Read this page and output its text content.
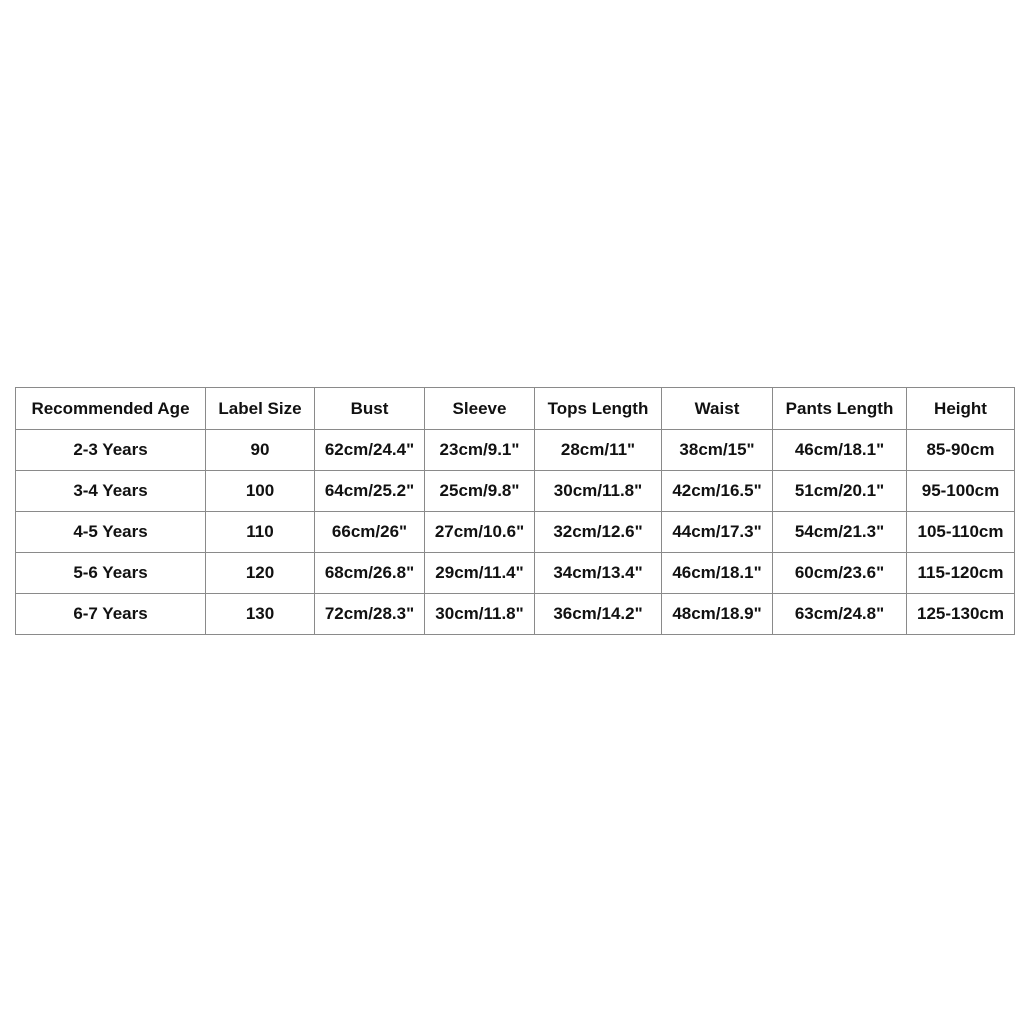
Recommended Age	Label Size	Bust	Sleeve	Tops Length	Waist	Pants Length	Height
2-3 Years	90	62cm/24.4"	23cm/9.1"	28cm/11"	38cm/15"	46cm/18.1"	85-90cm
3-4 Years	100	64cm/25.2"	25cm/9.8"	30cm/11.8"	42cm/16.5"	51cm/20.1"	95-100cm
4-5 Years	110	66cm/26"	27cm/10.6"	32cm/12.6"	44cm/17.3"	54cm/21.3"	105-110cm
5-6 Years	120	68cm/26.8"	29cm/11.4"	34cm/13.4"	46cm/18.1"	60cm/23.6"	115-120cm
6-7 Years	130	72cm/28.3"	30cm/11.8"	36cm/14.2"	48cm/18.9"	63cm/24.8"	125-130cm
